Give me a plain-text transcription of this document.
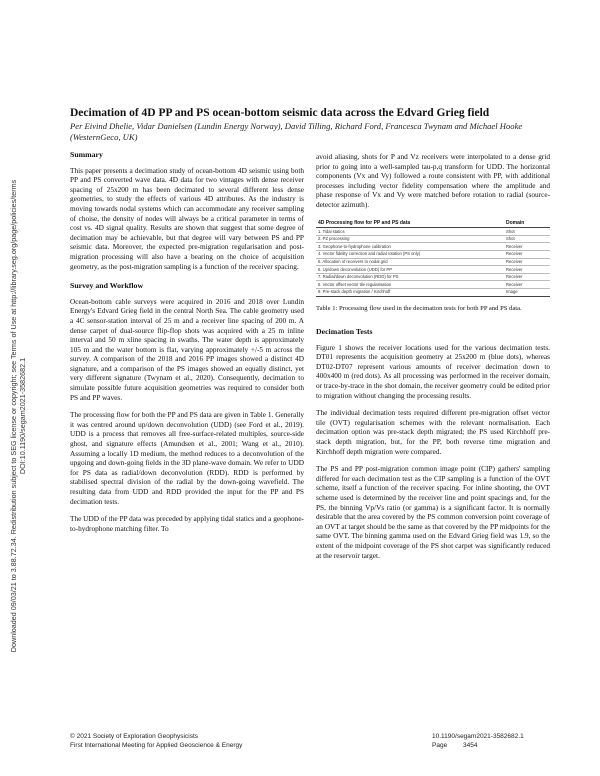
Downloaded 09/03/21 to 3.88.72.34. Redistribution subject to SEG license or copyright; see Terms of Use at http://library.seg.org/page/policies/terms DOI:10.1190/segam2021-3582682.1
Decimation of 4D PP and PS ocean-bottom seismic data across the Edvard Grieg field
Per Eivind Dhelie, Vidar Danielsen (Lundin Energy Norway), David Tilling, Richard Ford, Francesca Twynam and Michael Hooke (WesternGeco, UK)
Summary

This paper presents a decimation study of ocean-bottom 4D seismic using both PP and PS converted wave data. 4D data for two vintages with dense receiver spacing of 25x200 m has been decimated to several different less dense geometries, to study the effects of various 4D attributes. As the industry is moving towards nodal systems which can accommodate any receiver sampling of choise, the density of nodes will always be a critical parameter in terms of cost vs. 4D signal quality. Results are shown that suggest that some degree of decimation may be achievable, but that degree will vary between PS and PP seismic data. Moreover, the expected pre-migration regularisation and post-migration processing will also have a bearing on the choice of acquisition geometry, as the post-migration sampling is a function of the receiver spacing.

Survey and Workflow

Ocean-bottom cable surveys were acquired in 2016 and 2018 over Lundin Energy's Edvard Grieg field in the central North Sea. The cable geometry used a 4C sensor-station interval of 25 m and a receiver line spacing of 200 m. A dense carpet of dual-source flip-flop shots was acquired with a 25 m inline interval and 50 m xline spacing in swaths. The water depth is approximately 105 m and the water bottom is flat, varying approximately +/-5 m across the survey. A comparison of the 2018 and 2016 PP images showed a distinct 4D signature, and a comparison of the PS images showed an equally distinct, yet very different signature (Twynam et al., 2020). Consequently, decimation to simulate possible future acquisition geometries was required to consider both PS and PP waves.

The processing flow for both the PP and PS data are given in Table 1. Generally it was centred around up/down deconvolution (UDD) (see Ford et al., 2019). UDD is a process that removes all free-surface-related multiples, source-side ghost, and signature effects (Amundsen et al., 2001; Wang et al., 2010). Assuming a locally 1D medium, the method reduces to a deconvolution of the upgoing and down-going fields in the 3D plane-wave domain. We refer to UDD for PS data as radial/down deconvolution (RDD). RDD is performed by stabilised spectral division of the radial by the down-going wavefield. The resulting data from UDD and RDD provided the input for the PP and PS decimation tests.

The UDD of the PP data was preceded by applying tidal statics and a geophone-to-hydrophone matching filter. To

avoid aliasing, shots for P and Vz receivers were interpolated to a dense grid prior to going into a well-sampled tau-p,q transform for UDD. The horizontal components (Vx and Vy) followed a route consistent with PP, with additional processes including vector fidelity compensation where the amplitude and phase response of Vx and Vy were matched before rotation to radial (source-detector azimuth).

4D Processing flow for PP and PS data	Domain
1. Tidal statics	Shot
2. PZ processing	Shot
3. Geophone-to-hydrophone calibration	Receiver
4. Vector fidelity correction and radial rotation (PS only)	Receiver
5. Allocation of receivers to nodal grid	Receiver
6. Up/down deconvolution (UDD) for PP	Receiver
7. Radial/down deconvolution (RDD) for PS	Receiver
8. Vector offset vector tile regularisation	Receiver
9. Pre-stack depth migration / Kirchhoff	Image
Table 1: Processing flow used in the decimation tests for both PP and PS data.
Decimation Tests

Figure 1 shows the receiver locations used for the various decimation tests. DT01 represents the acquisition geometry at 25x200 m (blue dots), whereas DT02-DT07 represent various amounts of receiver decimation down to 400x400 m (red dots). As all processing was performed in the receiver domain, or trace-by-trace in the shot domain, the receiver geometry could be edited prior to migration without changing the processing results.

The individual decimation tests required different pre-migration offset vector tile (OVT) regularisation schemes with the relevant normalisation. Each decimation option was pre-stack depth migrated; the PS used Kirchhoff pre-stack depth migration, but, for the PP, both reverse time migration and Kirchhoff depth migration were compared.

The PS and PP post-migration common image point (CIP) gathers' sampling differed for each decimation test as the CIP sampling is a function of the OVT scheme, itself a function of the receiver spacing. For inline shooting, the OVT scheme used is determined by the receiver line and point spacings and, for the PS, the binning Vp/Vs ratio (or gamma) is a significant factor. It is normally desirable that the area covered by the PS common conversion point coverage of an OVT at target should be the same as that covered by the PP midpoints for the same OVT. The binning gamma used on the Edvard Grieg field was 1.9, so the extent of the midpoint coverage of the PS shot carpet was significantly reduced at the reservoir target.

© 2021 Society of Exploration Geophysicists
First International Meeting for Applied Geoscience & Energy
10.1190/segam2021-3582682.1
Page 3454
